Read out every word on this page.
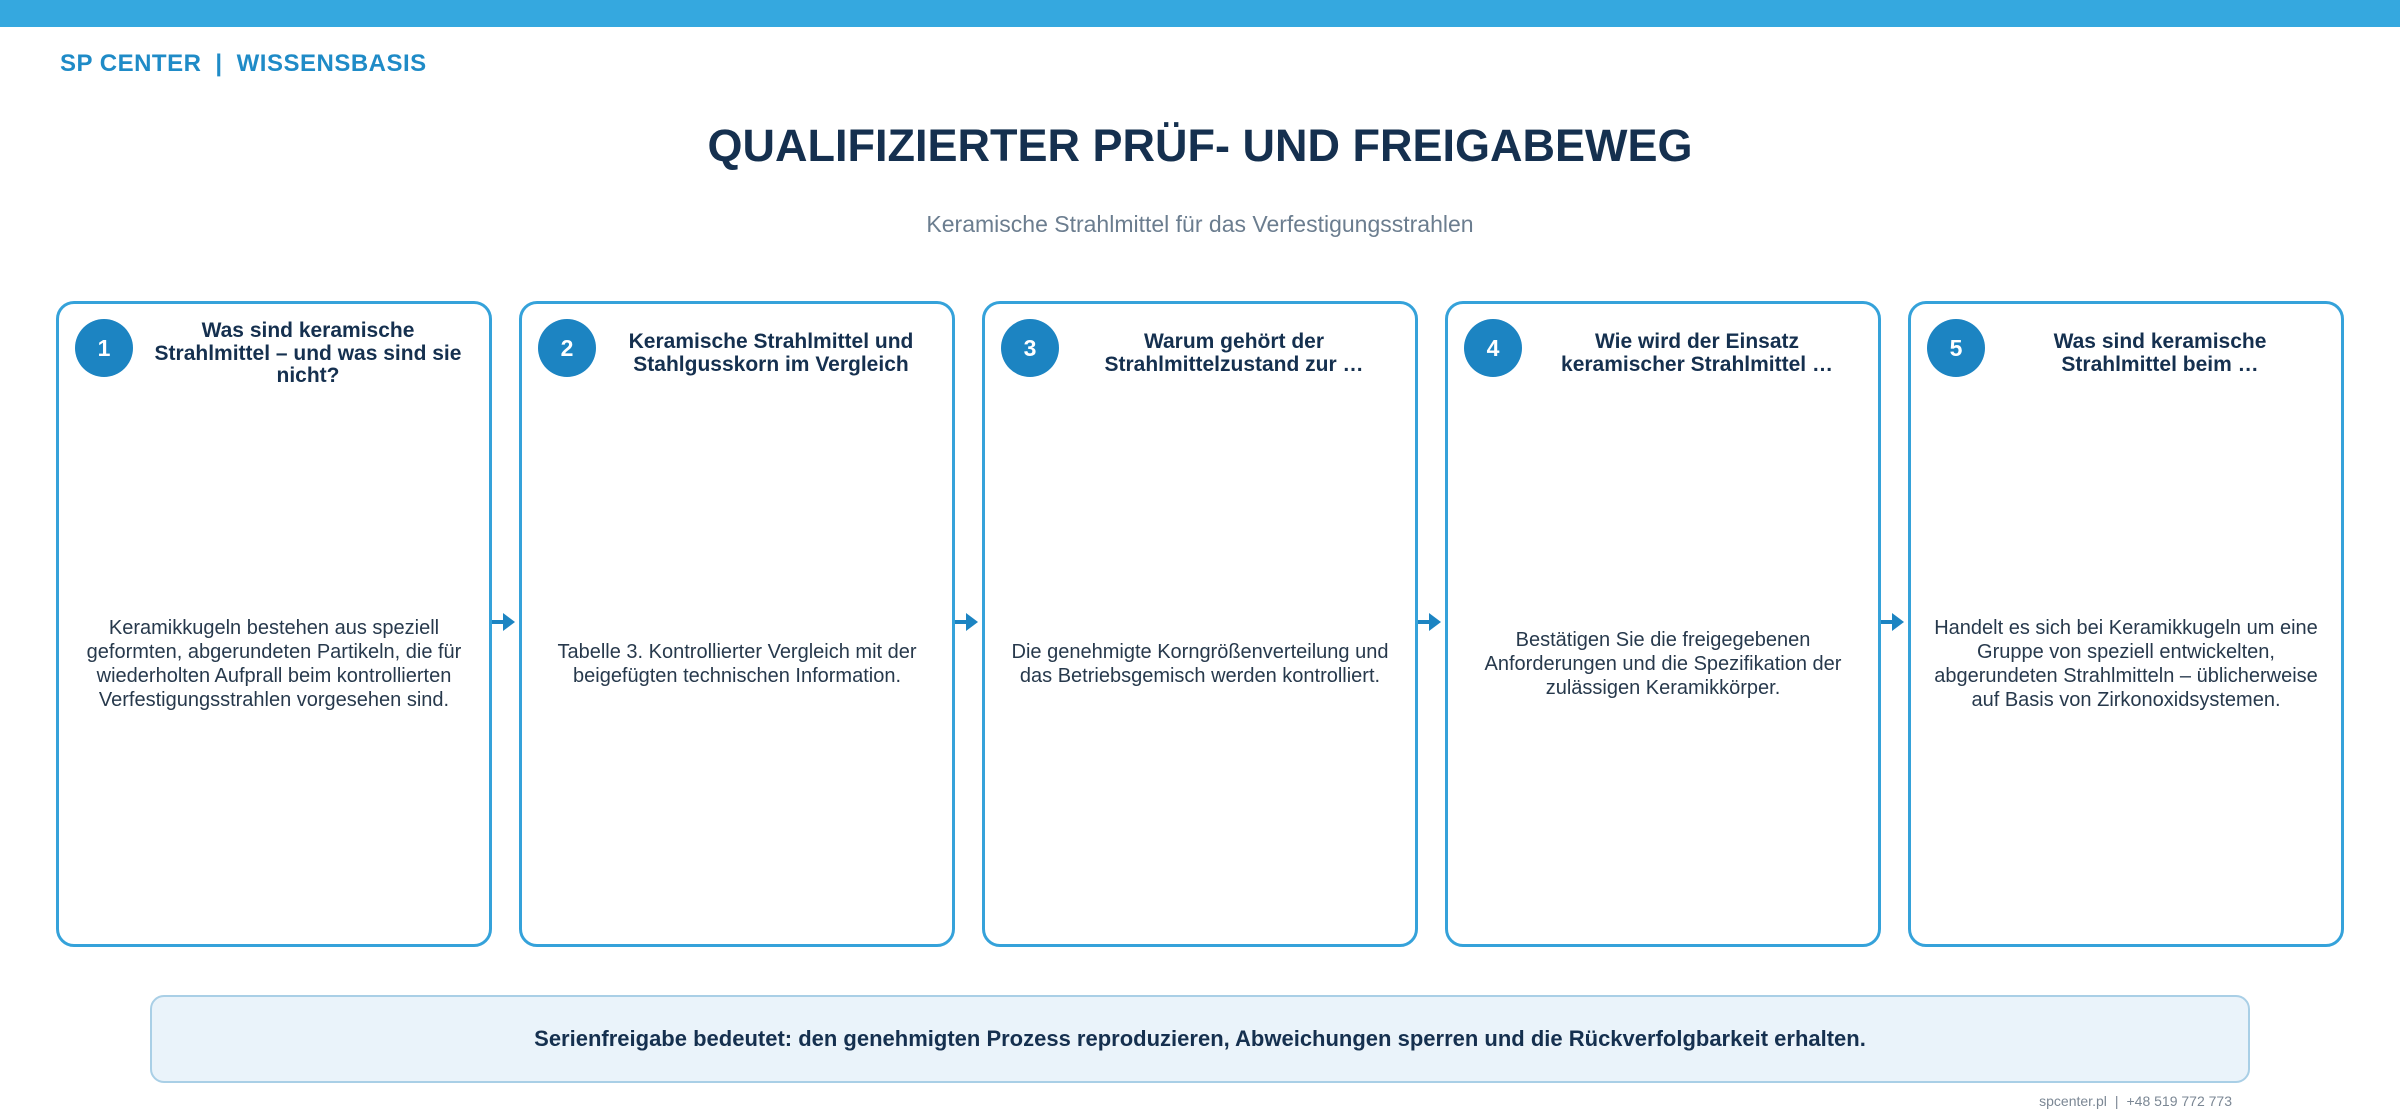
SP CENTER | WISSENSBASIS
QUALIFIZIERTER PRÜF- UND FREIGABEWEG
Keramische Strahlmittel für das Verfestigungsstrahlen
1
Was sind keramische Strahlmittel – und was sind sie nicht?
Keramikkugeln bestehen aus speziell geformten, abgerundeten Partikeln, die für wiederholten Aufprall beim kontrollierten Verfestigungsstrahlen vorgesehen sind.
2	Keramische Strahlmittel und Stahlgusskorn im Vergleich
Tabelle 3. Kontrollierter Vergleich mit der beigefügten technischen Information.
3	Warum gehört der Strahlmittelzustand zur …
Die genehmigte Korngrößenverteilung und das Betriebsgemisch werden kontrolliert.
4	Wie wird der Einsatz keramischer Strahlmittel …
Bestätigen Sie die freigegebenen Anforderungen und die Spezifikation der zulässigen Keramikkörper.
5	Was sind keramische Strahlmittel beim …
Handelt es sich bei Keramikkugeln um eine Gruppe von speziell entwickelten, abgerundeten Strahlmitteln – üblicherweise auf Basis von Zirkonoxidsystemen.
Serienfreigabe bedeutet: den genehmigten Prozess reproduzieren, Abweichungen sperren und die Rückverfolgbarkeit erhalten.
spcenter.pl | +48 519 772 773
